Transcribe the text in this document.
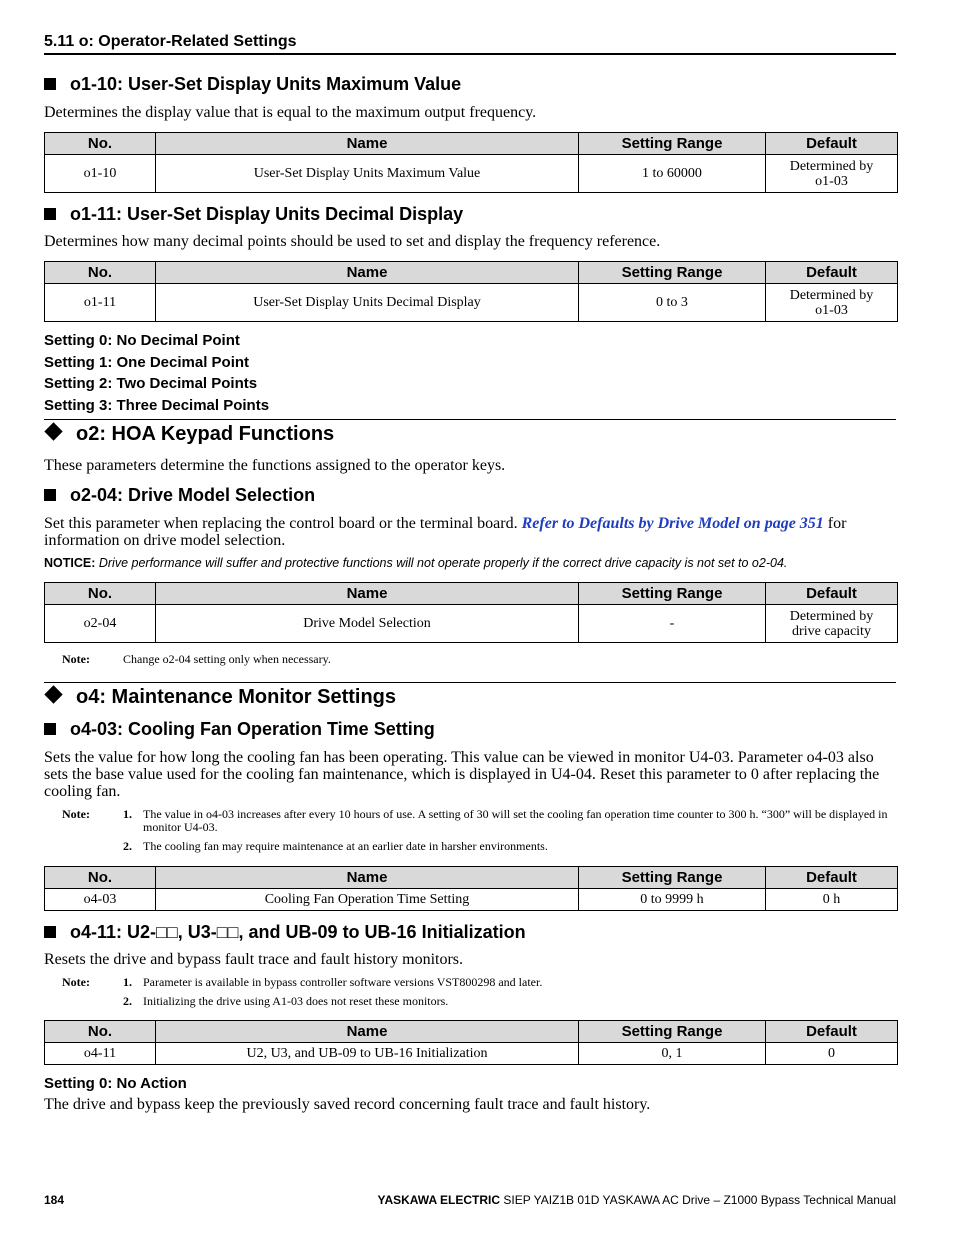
5.11 o: Operator-Related Settings
o1-10: User-Set Display Units Maximum Value
Determines the display value that is equal to the maximum output frequency.
No.	Name	Setting Range	Default
o1-10	User-Set Display Units Maximum Value	1 to 60000	Determined by
o1-03
o1-11: User-Set Display Units Decimal Display
Determines how many decimal points should be used to set and display the frequency reference.
No.	Name	Setting Range	Default
o1-11	User-Set Display Units Decimal Display	0 to 3	Determined by
o1-03
Setting 0: No Decimal Point
Setting 1: One Decimal Point
Setting 2: Two Decimal Points
Setting 3: Three Decimal Points
o2: HOA Keypad Functions
These parameters determine the functions assigned to the operator keys.
o2-04: Drive Model Selection
Set this parameter when replacing the control board or the terminal board. Refer to Defaults by Drive Model on page 351 for information on drive model selection.
NOTICE: Drive performance will suffer and protective functions will not operate properly if the correct drive capacity is not set to o2-04.
No.	Name	Setting Range	Default
o2-04	Drive Model Selection	-	Determined by
drive capacity
Note:	Change o2-04 setting only when necessary.
o4: Maintenance Monitor Settings
o4-03: Cooling Fan Operation Time Setting
Sets the value for how long the cooling fan has been operating. This value can be viewed in monitor U4-03. Parameter o4-03 also sets the base value used for the cooling fan maintenance, which is displayed in U4-04. Reset this parameter to 0 after replacing the cooling fan.
Note:	1. The value in o4-03 increases after every 10 hours of use. A setting of 30 will set the cooling fan operation time counter to 300 h. “300” will be displayed in monitor U4-03.
2. The cooling fan may require maintenance at an earlier date in harsher environments.
No.	Name	Setting Range	Default
o4-03	Cooling Fan Operation Time Setting	0 to 9999 h	0 h
o4-11: U2-□□, U3-□□, and UB-09 to UB-16 Initialization
Resets the drive and bypass fault trace and fault history monitors.
Note:	1. Parameter is available in bypass controller software versions VST800298 and later.
2. Initializing the drive using A1-03 does not reset these monitors.
No.	Name	Setting Range	Default
o4-11	U2, U3, and UB-09 to UB-16 Initialization	0, 1	0
Setting 0: No Action
The drive and bypass keep the previously saved record concerning fault trace and fault history.
184	YASKAWA ELECTRIC SIEP YAIZ1B 01D YASKAWA AC Drive – Z1000 Bypass Technical Manual
